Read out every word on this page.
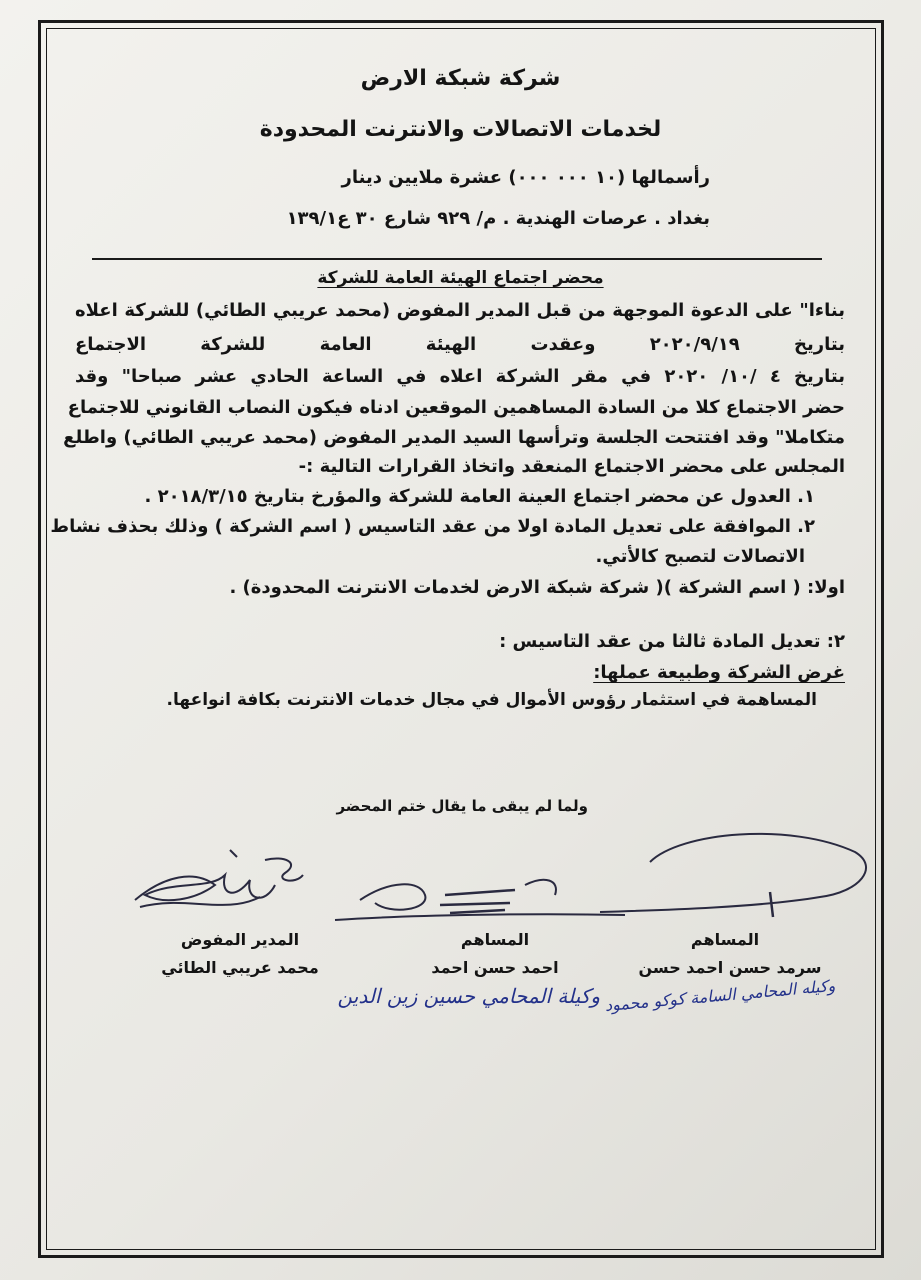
شركة شبكة الارض
لخدمات الاتصالات والانترنت المحدودة
رأسمالها (١٠ ٠٠٠ ٠٠٠) عشرة ملايين دينار
بغداد . عرصات الهندية . م/ ٩٢٩ شارع ٣٠ ع١٣٩/١
محضر اجتماع الهيئة العامة للشركة
بناءا" على الدعوة الموجهة من قبل المدير المفوض (محمد عريبي الطائي) للشركة اعلاه
بتاريخ ٢٠٢٠/٩/١٩ وعقدت الهيئة العامة للشركة الاجتماع
بتاريخ ٤ /١٠/ ٢٠٢٠ في مقر الشركة اعلاه في الساعة الحادي عشر صباحا" وقد
حضر الاجتماع كلا من السادة المساهمين الموقعين ادناه فيكون النصاب القانوني للاجتماع
متكاملا" وقد افتتحت الجلسة وترأسها السيد المدير المفوض (محمد عريبي الطائي) واطلع
المجلس على محضر الاجتماع المنعقد واتخاذ القرارات التالية :-
١. العدول عن محضر اجتماع العينة العامة للشركة والمؤرخ بتاريخ ٢٠١٨/٣/١٥ .
٢. الموافقة على تعديل المادة اولا من عقد التاسيس ( اسم الشركة ) وذلك بحذف نشاط
الاتصالات لتصبح كالأتي.
اولا: ( اسم الشركة )( شركة شبكة الارض لخدمات الانترنت المحدودة) .
٢: تعديل المادة ثالثا من عقد التاسيس :
غرض الشركة وطبيعة عملها:
المساهمة في استثمار رؤوس الأموال في مجال خدمات الانترنت بكافة انواعها.
ولما لم يبقى ما يقال ختم المحضر
المدير المفوض
محمد عريبي الطائي
المساهم
احمد حسن احمد
المساهم
سرمد حسن احمد حسن
وكيلة المحامي حسين زين الدين وكيله المحامي السامة كوكو محمود
